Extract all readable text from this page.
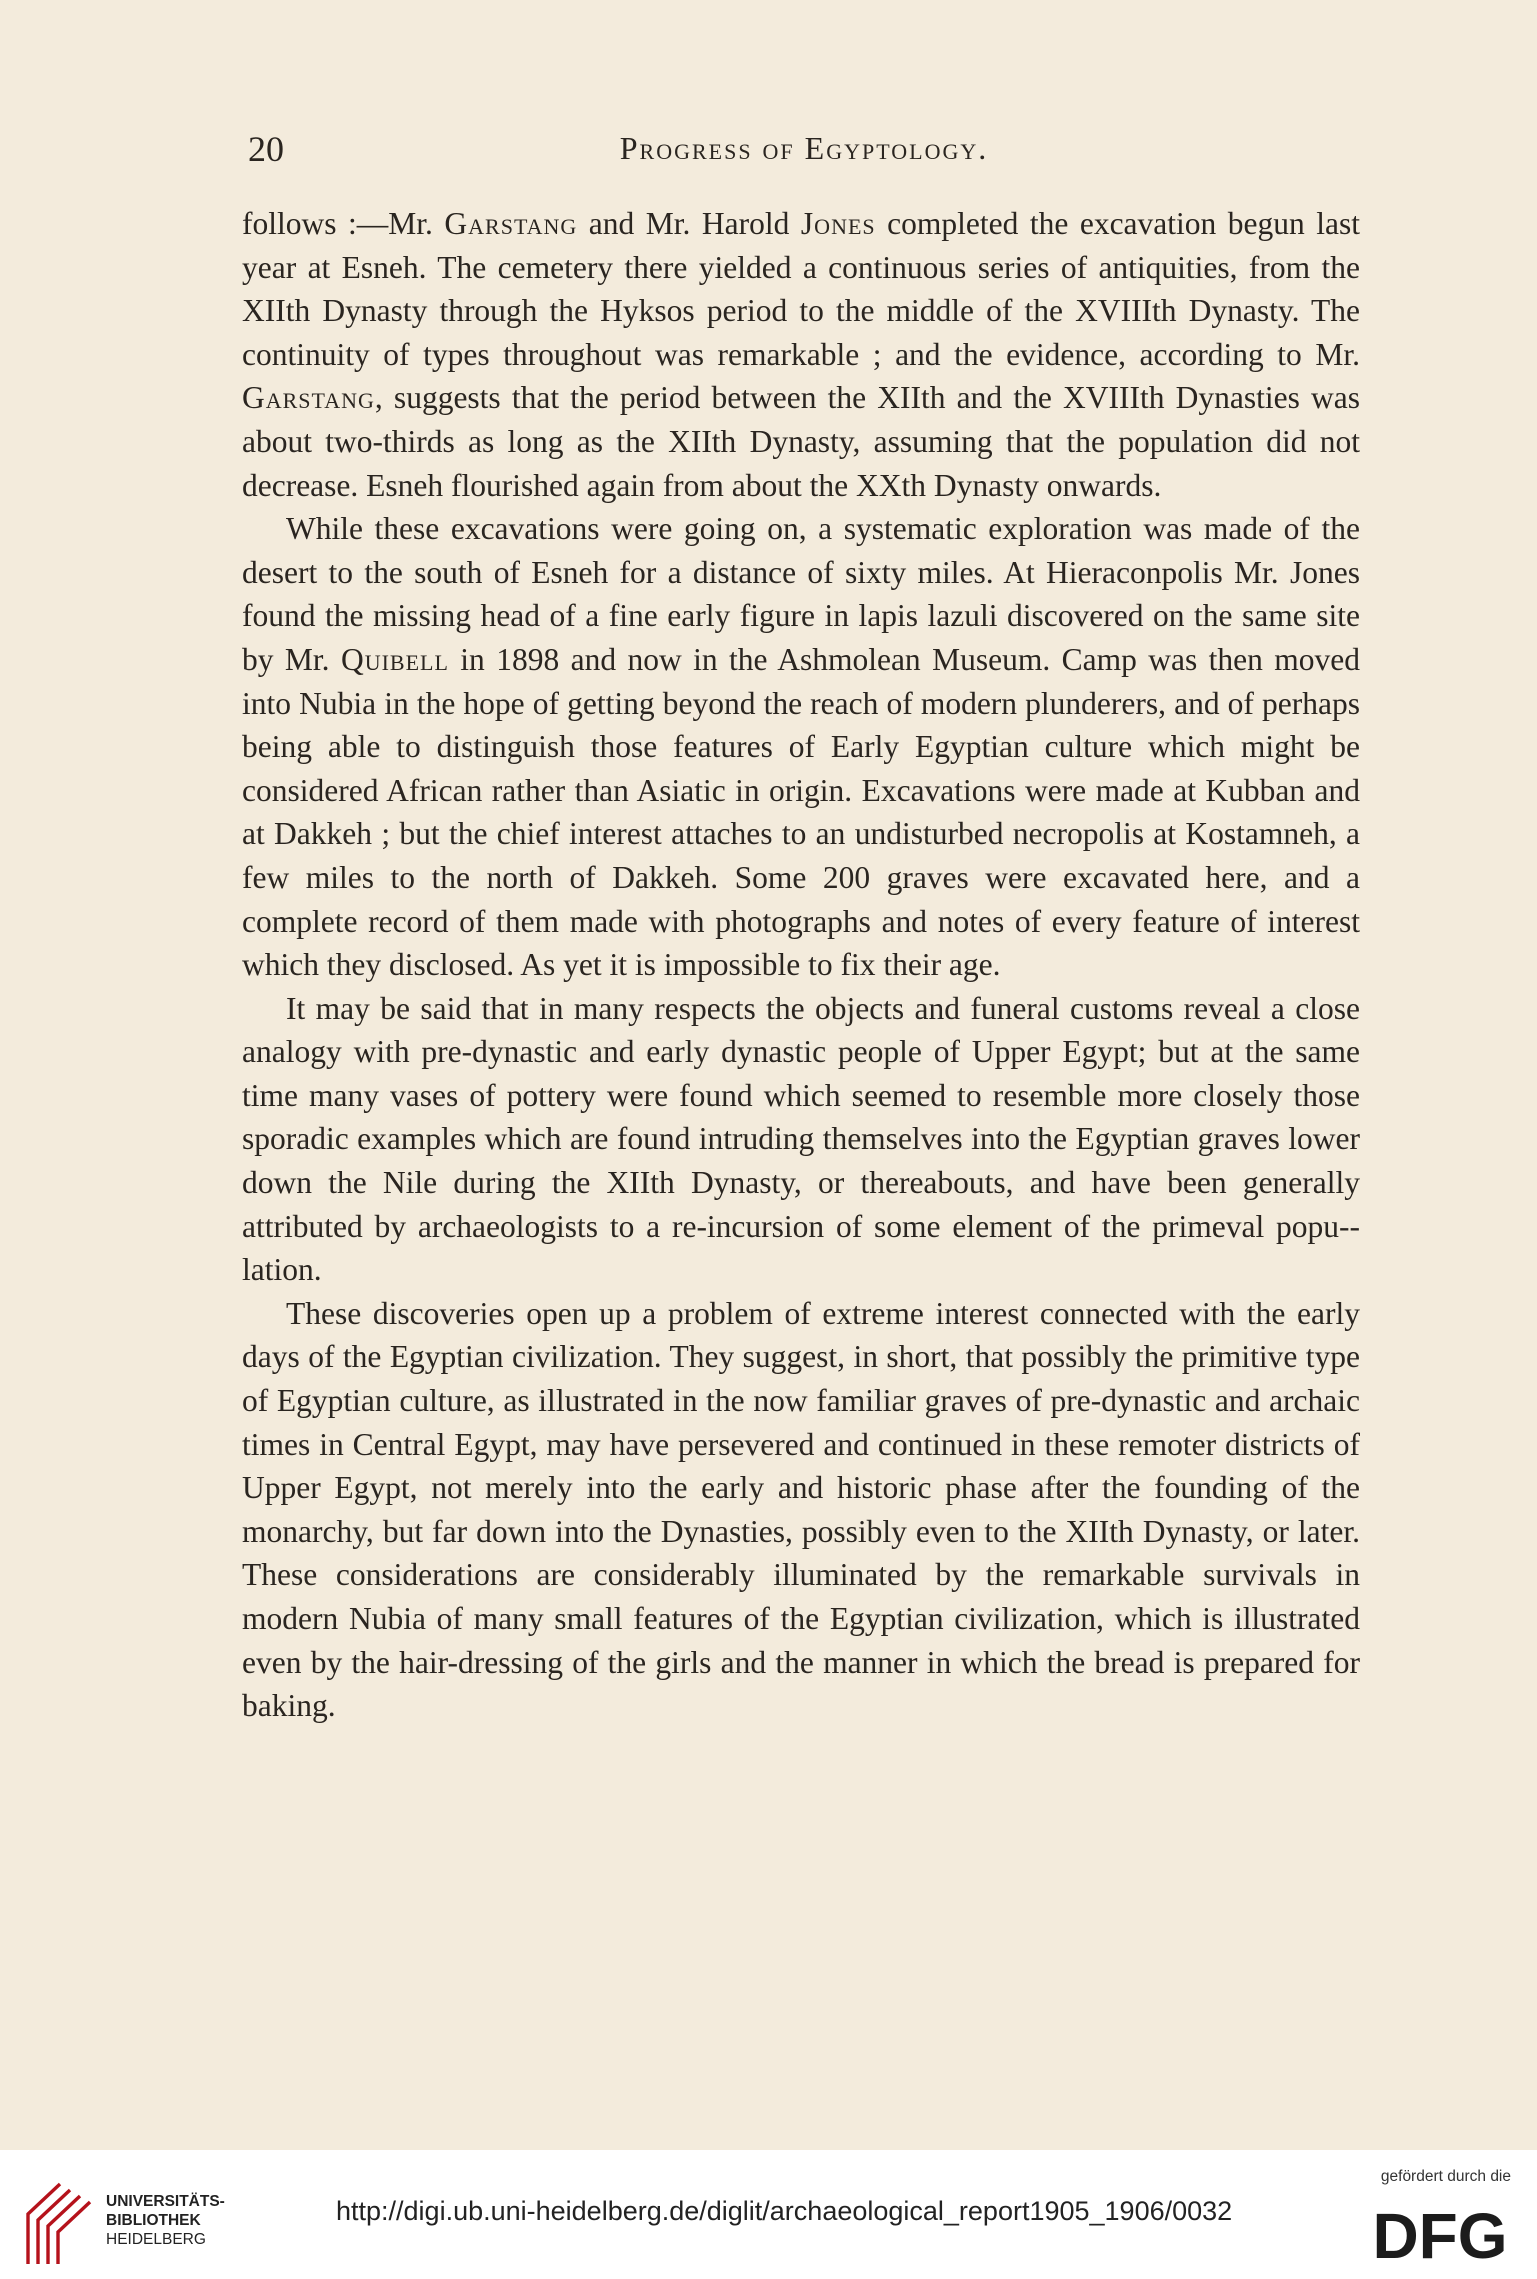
20	Progress of Egyptology.

follows :—Mr. Garstang and Mr. Harold Jones completed the excavation begun last year at Esneh. The cemetery there yielded a continuous series of antiquities, from the XIIth Dynasty through the Hyksos period to the middle of the XVIIIth Dynasty. The continuity of types throughout was remarkable ; and the evidence, according to Mr. Garstang, suggests that the period between the XIIth and the XVIIIth Dynasties was about two-thirds as long as the XIIth Dynasty, assuming that the population did not decrease. Esneh flourished again from about the XXth Dynasty onwards.

While these excavations were going on, a systematic exploration was made of the desert to the south of Esneh for a distance of sixty miles. At Hieraconpolis Mr. Jones found the missing head of a fine early figure in lapis lazuli discovered on the same site by Mr. Quibell in 1898 and now in the Ashmolean Museum. Camp was then moved into Nubia in the hope of getting beyond the reach of modern plunderers, and of perhaps being able to distinguish those features of Early Egyptian culture which might be considered African rather than Asiatic in origin. Excavations were made at Kubban and at Dakkeh ; but the chief interest attaches to an undisturbed necropolis at Kostamneh, a few miles to the north of Dakkeh. Some 200 graves were excavated here, and a complete record of them made with photographs and notes of every feature of interest which they disclosed. As yet it is impossible to fix their age.

It may be said that in many respects the objects and funeral customs reveal a close analogy with pre-dynastic and early dynastic people of Upper Egypt; but at the same time many vases of pottery were found which seemed to resemble more closely those sporadic examples which are found intruding themselves into the Egyptian graves lower down the Nile during the XIIth Dynasty, or thereabouts, and have been generally attributed by archaeologists to a re-incursion of some element of the primeval popu-lation.

These discoveries open up a problem of extreme interest connected with the early days of the Egyptian civilization. They suggest, in short, that possibly the primitive type of Egyptian culture, as illustrated in the now familiar graves of pre-dynastic and archaic times in Central Egypt, may have persevered and continued in these remoter districts of Upper Egypt, not merely into the early and historic phase after the founding of the monarchy, but far down into the Dynasties, possibly even to the XIIth Dynasty, or later. These considerations are considerably illuminated by the remarkable survivals in modern Nubia of many small features of the Egyptian civilization, which is illustrated even by the hair-dressing of the girls and the manner in which the bread is prepared for baking.

UNIVERSITÄTS-
BIBLIOTHEK
HEIDELBERG
http://digi.ub.uni-heidelberg.de/diglit/archaeological_report1905_1906/0032
gefördert durch die
DFG
